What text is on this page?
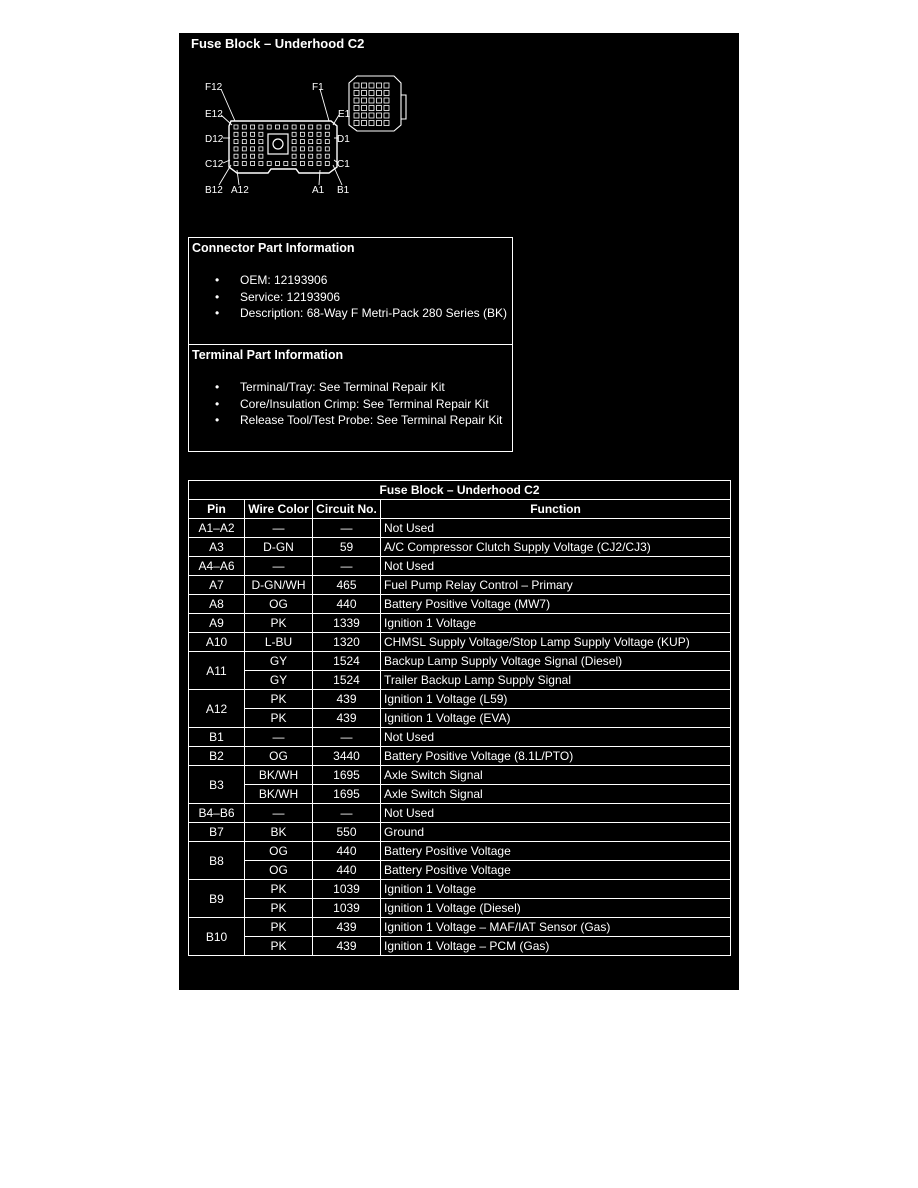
Fuse Block – Underhood C2
F12	F1
E12	E1
D12	D1
C12	C1
B12 A12	A1 B1
Connector Part Information
• OEM: 12193906
• Service: 12193906
• Description: 68-Way F Metri-Pack 280 Series (BK)
Terminal Part Information
• Terminal/Tray: See Terminal Repair Kit
• Core/Insulation Crimp: See Terminal Repair Kit
• Release Tool/Test Probe: See Terminal Repair Kit
Fuse Block – Underhood C2			
Pin	Wire Color	Circuit No.	Function
A1–A2	—	—	Not Used
A3	D-GN	59	A/C Compressor Clutch Supply Voltage (CJ2/CJ3)
A4–A6	—	—	Not Used
A7	D-GN/WH	465	Fuel Pump Relay Control – Primary
A8	OG	440	Battery Positive Voltage (MW7)
A9	PK	1339	Ignition 1 Voltage
A10	L-BU	1320	CHMSL Supply Voltage/Stop Lamp Supply Voltage (KUP)
A11	GY	1524	Backup Lamp Supply Voltage Signal (Diesel)
	GY	1524	Trailer Backup Lamp Supply Signal
A12	PK	439	Ignition 1 Voltage (L59)
	PK	439	Ignition 1 Voltage (EVA)
B1	—	—	Not Used
B2	OG	3440	Battery Positive Voltage (8.1L/PTO)
B3	BK/WH	1695	Axle Switch Signal
	BK/WH	1695	Axle Switch Signal
B4–B6	—	—	Not Used
B7	BK	550	Ground
B8	OG	440	Battery Positive Voltage
	OG	440	Battery Positive Voltage
B9	PK	1039	Ignition 1 Voltage
	PK	1039	Ignition 1 Voltage (Diesel)
B10	PK	439	Ignition 1 Voltage – MAF/IAT Sensor (Gas)
	PK	439	Ignition 1 Voltage – PCM (Gas)
